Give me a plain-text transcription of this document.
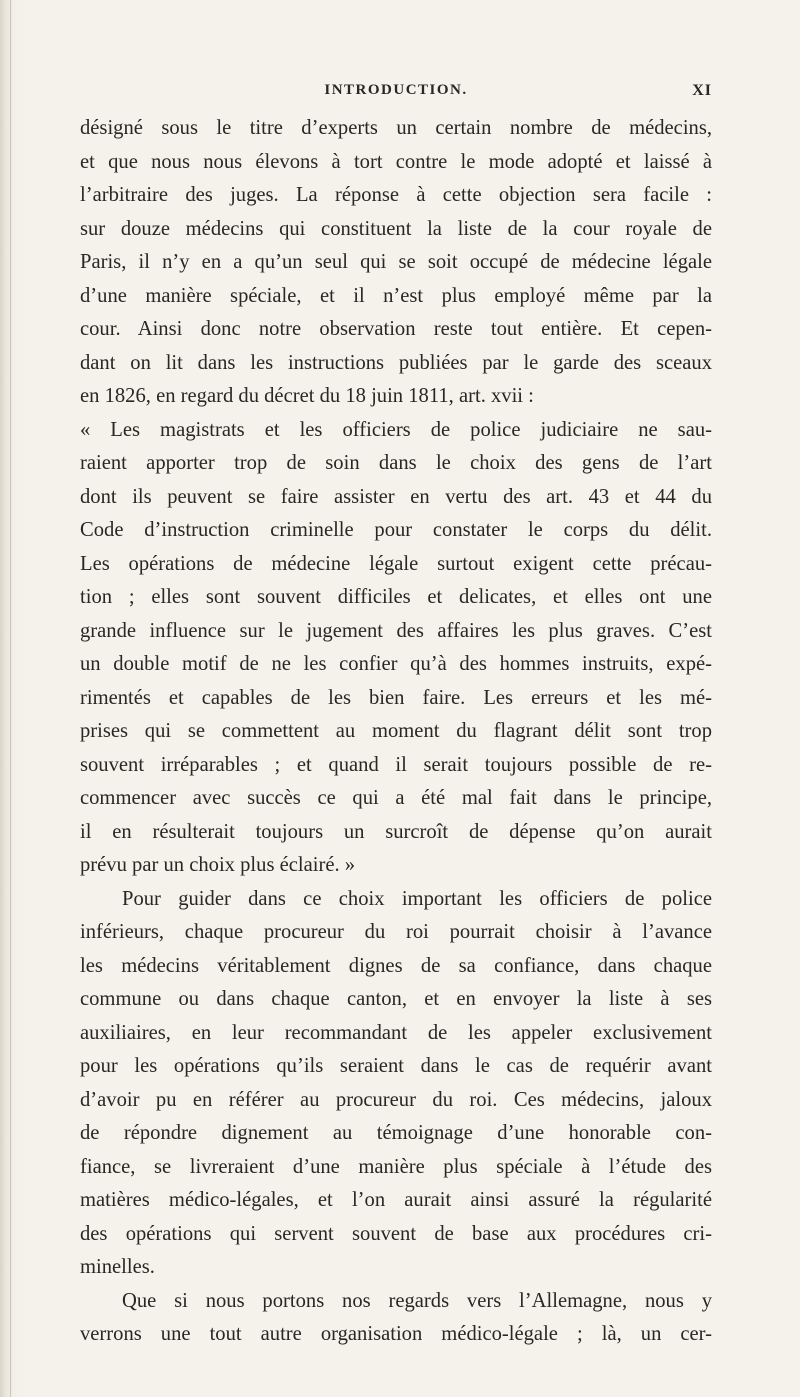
INTRODUCTION.	XI
désigné sous le titre d’experts un certain nombre de médecins,
et que nous nous élevons à tort contre le mode adopté et laissé à
l’arbitraire des juges. La réponse à cette objection sera facile :
sur douze médecins qui constituent la liste de la cour royale de
Paris, il n’y en a qu’un seul qui se soit occupé de médecine légale
d’une manière spéciale, et il n’est plus employé même par la
cour. Ainsi donc notre observation reste tout entière. Et cepen-
dant on lit dans les instructions publiées par le garde des sceaux
en 1826, en regard du décret du 18 juin 1811, art. xvii :
« Les magistrats et les officiers de police judiciaire ne sau-
raient apporter trop de soin dans le choix des gens de l’art
dont ils peuvent se faire assister en vertu des art. 43 et 44 du
Code d’instruction criminelle pour constater le corps du délit.
Les opérations de médecine légale surtout exigent cette précau-
tion ; elles sont souvent difficiles et delicates, et elles ont une
grande influence sur le jugement des affaires les plus graves. C’est
un double motif de ne les confier qu’à des hommes instruits, expé-
rimentés et capables de les bien faire. Les erreurs et les mé-
prises qui se commettent au moment du flagrant délit sont trop
souvent irréparables ; et quand il serait toujours possible de re-
commencer avec succès ce qui a été mal fait dans le principe,
il en résulterait toujours un surcroît de dépense qu’on aurait
prévu par un choix plus éclairé. »
Pour guider dans ce choix important les officiers de police
inférieurs, chaque procureur du roi pourrait choisir à l’avance
les médecins véritablement dignes de sa confiance, dans chaque
commune ou dans chaque canton, et en envoyer la liste à ses
auxiliaires, en leur recommandant de les appeler exclusivement
pour les opérations qu’ils seraient dans le cas de requérir avant
d’avoir pu en référer au procureur du roi. Ces médecins, jaloux
de répondre dignement au témoignage d’une honorable con-
fiance, se livreraient d’une manière plus spéciale à l’étude des
matières médico-légales, et l’on aurait ainsi assuré la régularité
des opérations qui servent souvent de base aux procédures cri-
minelles.
Que si nous portons nos regards vers l’Allemagne, nous y
verrons une tout autre organisation médico-légale ; là, un cer-
